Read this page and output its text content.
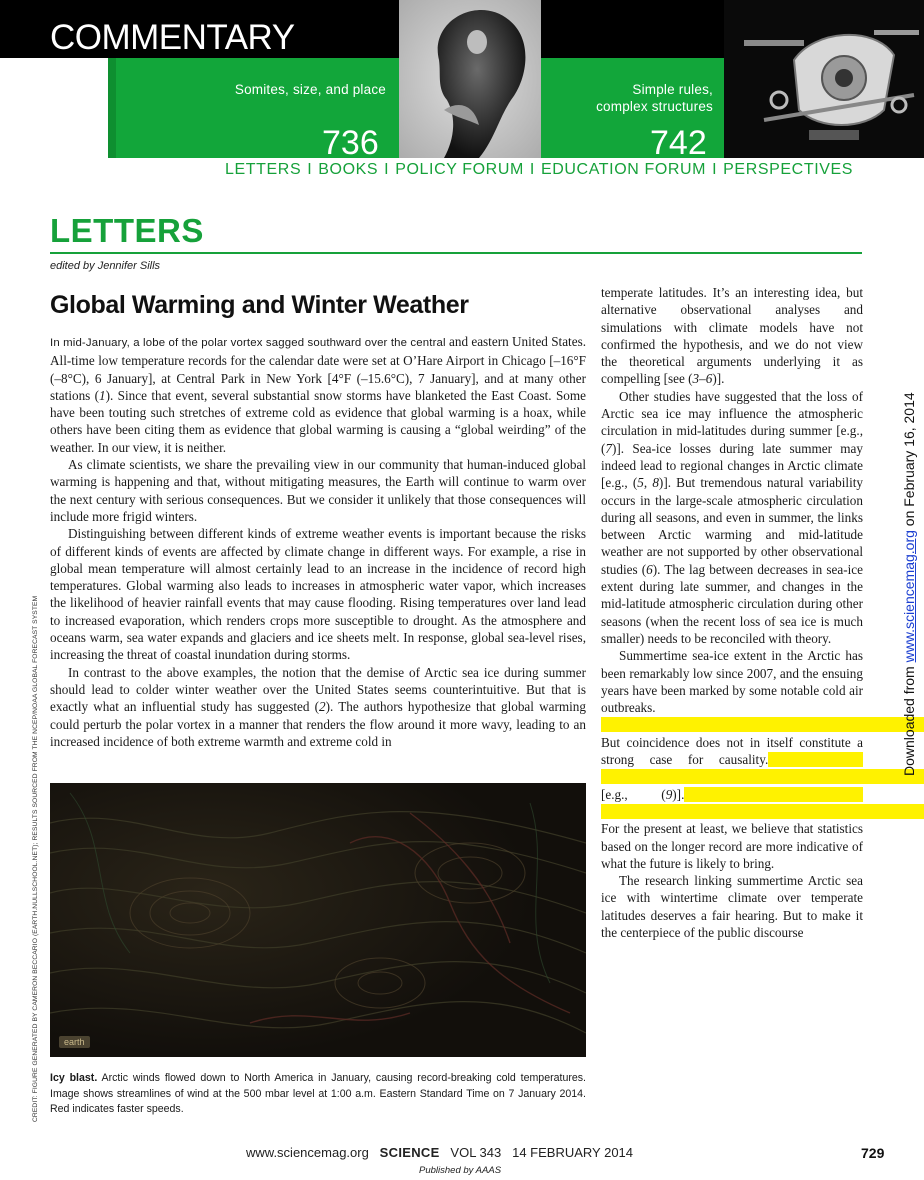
COMMENTARY
Somites, size, and place
736
Simple rules,
complex structures
742
LETTERS I BOOKS I POLICY FORUM I EDUCATION FORUM I PERSPECTIVES
LETTERS
edited by Jennifer Sills
Global Warming and Winter Weather

In mid-January, a lobe of the polar vortex sagged southward over the central and eastern United States. All-time low temperature records for the calendar date were set at O’Hare Airport in Chicago [–16°F (–8°C), 6 January], at Central Park in New York [4°F (–15.6°C), 7 January], and at many other stations (1). Since that event, several substantial snow storms have blanketed the East Coast. Some have been touting such stretches of extreme cold as evidence that global warming is a hoax, while others have been citing them as evidence that global warming is causing a “global weirding” of the weather. In our view, it is neither.

As climate scientists, we share the prevailing view in our community that human-induced global warming is happening and that, without mitigating measures, the Earth will continue to warm over the next century with serious consequences. But we consider it unlikely that those consequences will include more frigid winters.

Distinguishing between different kinds of extreme weather events is important because the risks of different kinds of events are affected by climate change in different ways. For example, a rise in global mean temperature will almost certainly lead to an increase in the incidence of record high temperatures. Global warming also leads to increases in atmospheric water vapor, which increases the likelihood of heavier rainfall events that may cause flooding. Rising temperatures over land lead to increased evaporation, which renders crops more susceptible to drought. As the atmosphere and oceans warm, sea water expands and glaciers and ice sheets melt. In response, global sea-level rises, increasing the threat of coastal inundation during storms.

In contrast to the above examples, the notion that the demise of Arctic sea ice during summer should lead to colder winter weather over the United States seems counterintuitive. But that is exactly what an influential study has suggested (2). The authors hypothesize that global warming could perturb the polar vortex in a manner that renders the flow around it more wavy, leading to an increased incidence of both extreme warmth and extreme cold in

earth
Icy blast. Arctic winds flowed down to North America in January, causing record-breaking cold temperatures. Image shows streamlines of wind at the 500 mbar level at 1:00 a.m. Eastern Standard Time on 7 January 2014. Red indicates faster speeds.
CREDIT: FIGURE GENERATED BY CAMERON BECCARIO (EARTH.NULLSCHOOL.NET); RESULTS SOURCED FROM THE NCEP/NOAA GLOBAL FORECAST SYSTEM

temperate latitudes. It’s an interesting idea, but alternative observational analyses and simulations with climate models have not confirmed the hypothesis, and we do not view the theoretical arguments underlying it as compelling [see (3–6)].

Other studies have suggested that the loss of Arctic sea ice may influence the atmospheric circulation in mid-latitudes during summer [e.g., (7)]. Sea-ice losses during late summer may indeed lead to regional changes in Arctic climate [e.g., (5, 8)]. But tremendous natural variability occurs in the large-scale atmospheric circulation during all seasons, and even in summer, the links between Arctic warming and mid-latitude weather are not supported by other observational studies (6). The lag between decreases in sea-ice extent during late summer, and changes in the mid-latitude atmospheric circulation during other seasons (when the recent loss of sea ice is much smaller) needs to be reconciled with theory.

Summertime sea-ice extent in the Arctic has been remarkably low since 2007, and the ensuing years have been marked by some notable cold air outbreaks. But coincidence does not in itself constitute a strong case for causality. [e.g., (9)]. For the present at least, we believe that statistics based on the longer record are more indicative of what the future is likely to bring.

The research linking summertime Arctic sea ice with wintertime climate over temperate latitudes deserves a fair hearing. But to make it the centerpiece of the public discourse

Downloaded from www.sciencemag.org on February 16, 2014
www.sciencemag.org SCIENCE VOL 343 14 FEBRUARY 2014	729
Published by AAAS
